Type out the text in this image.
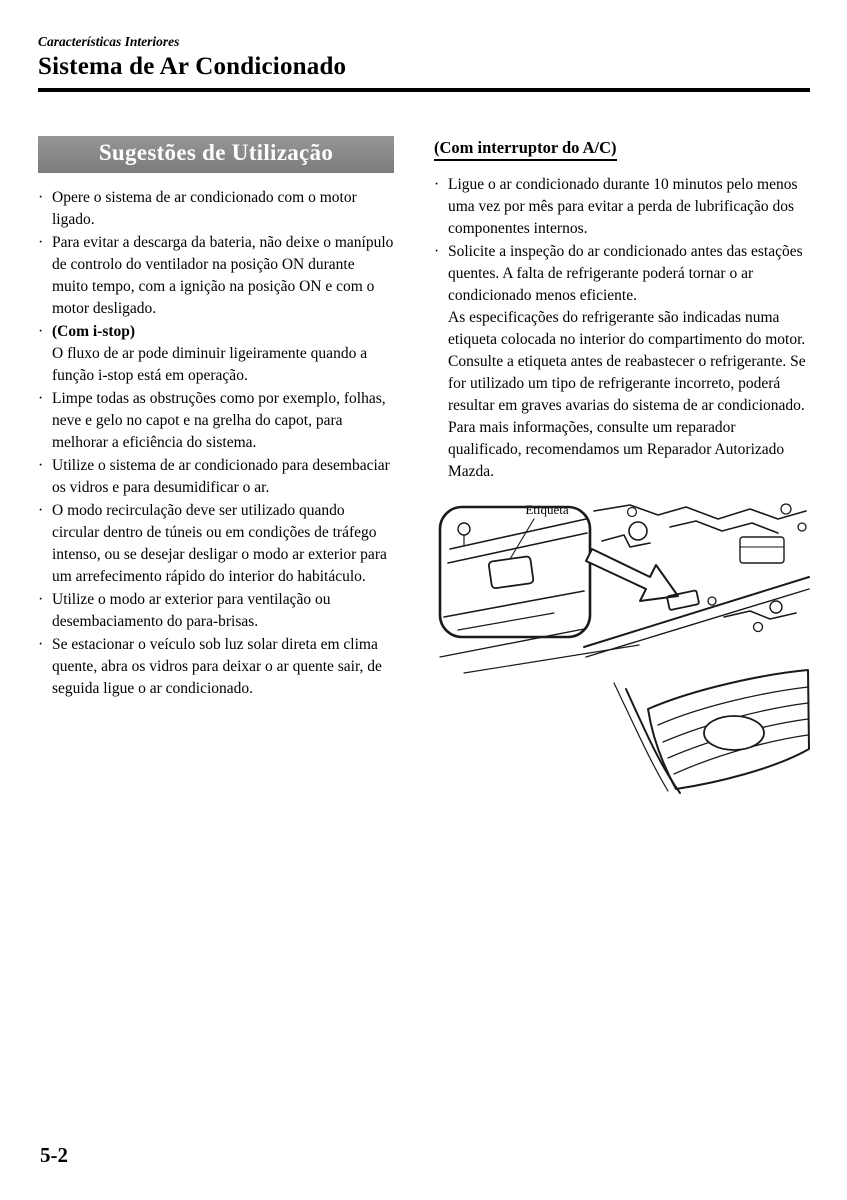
Características Interiores
Sistema de Ar Condicionado
Sugestões de Utilização
· Opere o sistema de ar condicionado com o motor ligado.
· Para evitar a descarga da bateria, não deixe o manípulo de controlo do ventilador na posição ON durante muito tempo, com a ignição na posição ON e com o motor desligado.
· (Com i-stop)
O fluxo de ar pode diminuir ligeiramente quando a função i-stop está em operação.
· Limpe todas as obstruções como por exemplo, folhas, neve e gelo no capot e na grelha do capot, para melhorar a eficiência do sistema.
· Utilize o sistema de ar condicionado para desembaciar os vidros e para desumidificar o ar.
· O modo recirculação deve ser utilizado quando circular dentro de túneis ou em condições de tráfego intenso, ou se desejar desligar o modo ar exterior para um arrefecimento rápido do interior do habitáculo.
· Utilize o modo ar exterior para ventilação ou desembaciamento do para-brisas.
· Se estacionar o veículo sob luz solar direta em clima quente, abra os vidros para deixar o ar quente sair, de seguida ligue o ar condicionado.
(Com interruptor do A/C)
· Ligue o ar condicionado durante 10 minutos pelo menos uma vez por mês para evitar a perda de lubrificação dos componentes internos.
· Solicite a inspeção do ar condicionado antes das estações quentes. A falta de refrigerante poderá tornar o ar condicionado menos eficiente.
As especificações do refrigerante são indicadas numa etiqueta colocada no interior do compartimento do motor. Consulte a etiqueta antes de reabastecer o refrigerante. Se for utilizado um tipo de refrigerante incorreto, poderá resultar em graves avarias do sistema de ar condicionado.
Para mais informações, consulte um reparador qualificado, recomendamos um Reparador Autorizado Mazda.
Etiqueta
5-2
